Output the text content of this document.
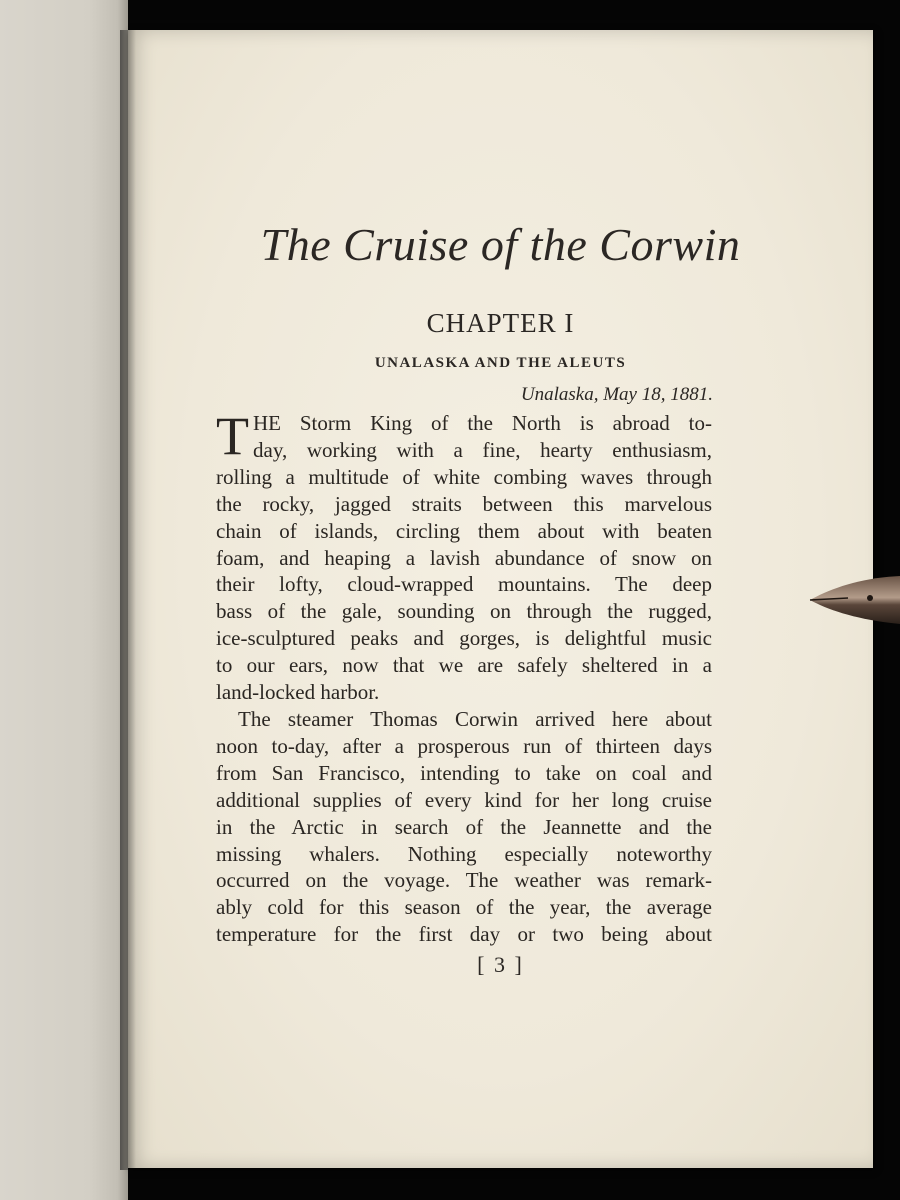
The Cruise of the Corwin
CHAPTER I
UNALASKA AND THE ALEUTS
Unalaska, May 18, 1881.

T HE Storm King of the North is abroad to-
day, working with a fine, hearty enthusiasm,
rolling a multitude of white combing waves through
the rocky, jagged straits between this marvelous
chain of islands, circling them about with beaten
foam, and heaping a lavish abundance of snow on
their lofty, cloud-wrapped mountains. The deep
bass of the gale, sounding on through the rugged,
ice-sculptured peaks and gorges, is delightful music
to our ears, now that we are safely sheltered in a
land-locked harbor.

The steamer Thomas Corwin arrived here about
noon to-day, after a prosperous run of thirteen days
from San Francisco, intending to take on coal and
additional supplies of every kind for her long cruise
in the Arctic in search of the Jeannette and the
missing whalers. Nothing especially noteworthy
occurred on the voyage. The weather was remark-
ably cold for this season of the year, the average
temperature for the first day or two being about

[ 3 ]
